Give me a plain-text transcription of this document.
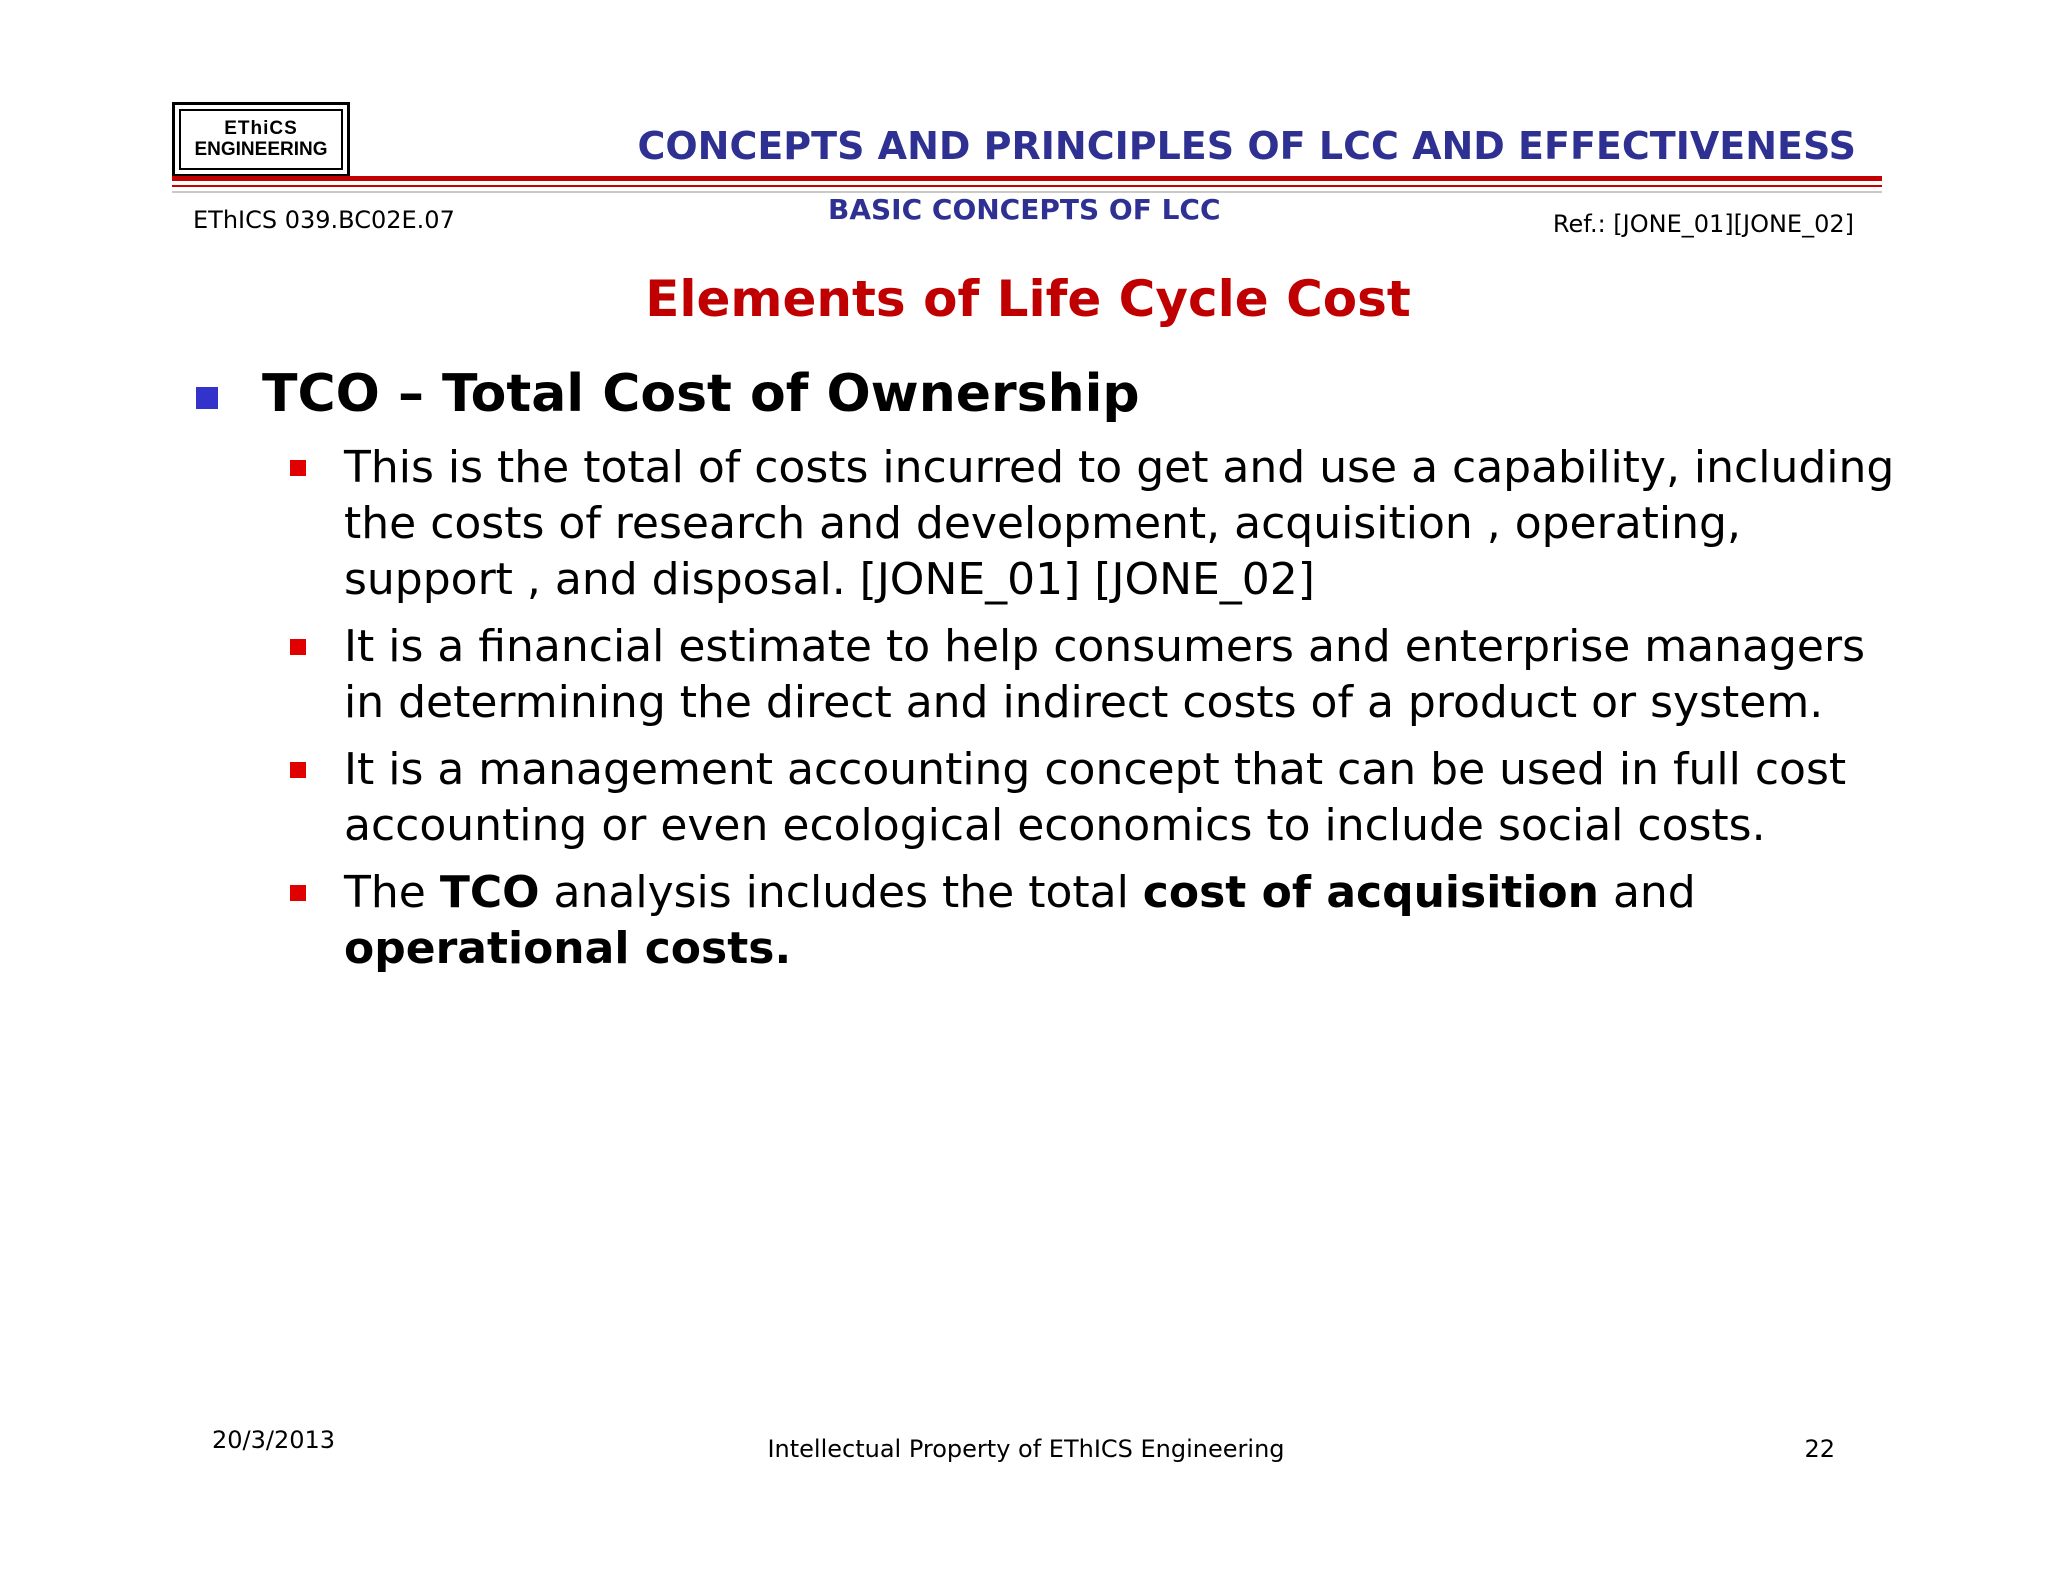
EThiCS
ENGINEERING	CONCEPTS AND PRINCIPLES OF LCC AND EFFECTIVENESS
EThICS 039.BC02E.07	BASIC CONCEPTS OF LCC	Ref.: [JONE_01][JONE_02]
Elements of Life Cycle Cost

TCO – Total Cost of Ownership

This is the total of costs incurred to get and use a capability, including the costs of research and development, acquisition , operating, support , and disposal. [JONE_01] [JONE_02]
It is a financial estimate to help consumers and enterprise managers in determining the direct and indirect costs of a product or system.
It is a management accounting concept that can be used in full cost accounting or even ecological economics to include social costs.
The TCO analysis includes the total cost of acquisition and
operational costs.
20/3/2013	Intellectual Property of EThICS Engineering	22
